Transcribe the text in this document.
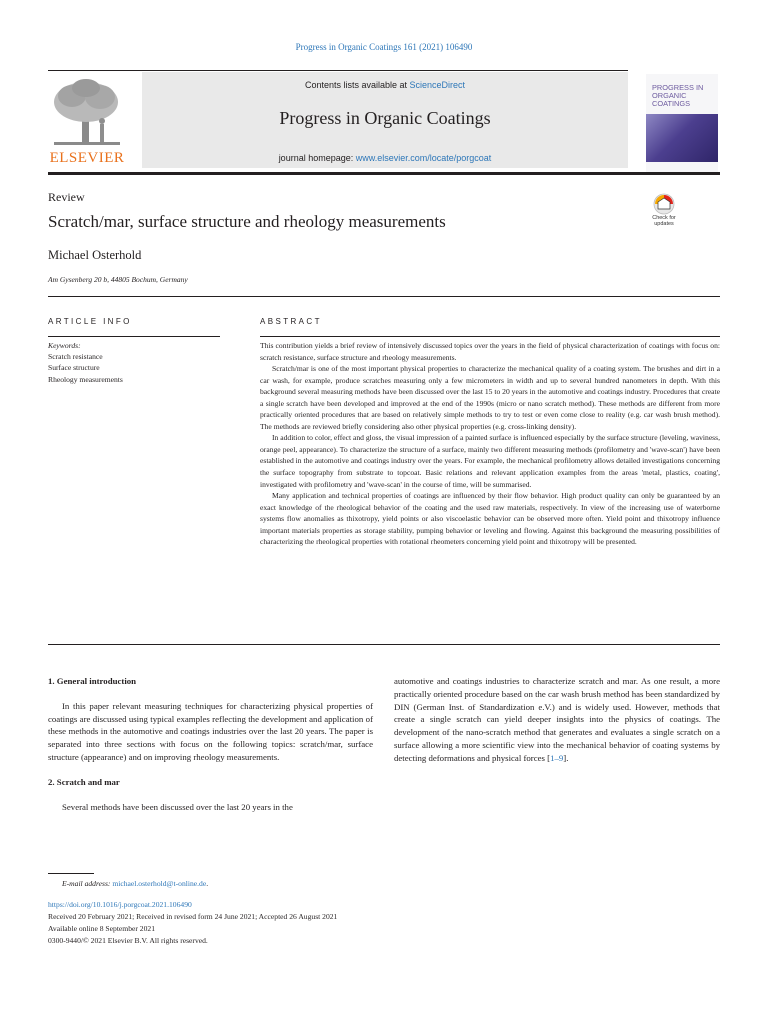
Progress in Organic Coatings 161 (2021) 106490
ELSEVIER
Contents lists available at ScienceDirect
Progress in Organic Coatings
journal homepage: www.elsevier.com/locate/porgcoat
PROGRESS IN
ORGANIC
COATINGS
Review
Scratch/mar, surface structure and rheology measurements
Michael Osterhold
Am Gysenberg 20 b, 44805 Bochum, Germany
Check for updates
ARTICLE INFO	ABSTRACT
Keywords:
Scratch resistance
Surface structure
Rheology measurements

This contribution yields a brief review of intensively discussed topics over the years in the field of physical characterization of coatings with focus on: scratch resistance, surface structure and rheology measurements.

Scratch/mar is one of the most important physical properties to characterize the mechanical quality of a coating system. The brushes and dirt in a car wash, for example, produce scratches measuring only a few micrometers in width and up to several hundred nanometers in depth. With this background several measuring methods have been discussed over the last 15 to 20 years in the automotive and coatings industry. Procedures that create a single scratch have been developed and improved at the end of the 1990s (micro or nano scratch method). These methods are different from more practically oriented procedures that are based on relatively simple methods to try to test or even come close to reality (e.g. car wash brush method). The methods are reviewed briefly considering also other physical properties (e.g. cross-linking density).

In addition to color, effect and gloss, the visual impression of a painted surface is influenced especially by the surface structure (leveling, waviness, orange peel, appearance). To characterize the structure of a surface, mainly two different measuring methods (profilometry and 'wave-scan') have been established in the automotive and coatings industry over the years. For example, the mechanical profilometry allows detailed investigations concerning the surface topography from substrate to topcoat. Basic relations and relevant application examples from the areas 'metal, plastics, coating', investigated with profilometry and 'wave-scan' in the course of time, will be summarised.

Many application and technical properties of coatings are influenced by their flow behavior. High product quality can only be guaranteed by an exact knowledge of the rheological behavior of the coating and the used raw materials, respectively. In view of the increasing use of waterborne systems flow anomalies as thixotropy, yield points or also viscoelastic behavior can be observed more often. Yield point and thixotropy influence important materials properties as storage stability, pumping behavior or leveling and flowing. Against this background the measuring possibilities of characterizing the rheological properties with rotational rheometers concerning yield point and thixotropy will be presented.

1. General introduction

In this paper relevant measuring techniques for characterizing physical properties of coatings are discussed using typical examples reflecting the development and application of these methods in the automotive and coatings industries over the last 20 years. The paper is separated into three sections with focus on the following topics: scratch/mar, surface structure (appearance) and on improving rheology measurements.

2. Scratch and mar

Several methods have been discussed over the last 20 years in the

automotive and coatings industries to characterize scratch and mar. As one result, a more practically oriented procedure based on the car wash brush method has been standardized by DIN (German Inst. of Standardization e.V.) and is widely used. However, methods that create a single scratch can yield deeper insights into the physics of coatings. The development of the nano-scratch method that generates and evaluates a single scratch on a surface allowing a more scientific view into the mechanical behavior of coating systems by detecting deformations and physical forces [1–9].

E-mail address: michael.osterhold@t-online.de.
https://doi.org/10.1016/j.porgcoat.2021.106490
Received 20 February 2021; Received in revised form 24 June 2021; Accepted 26 August 2021
Available online 8 September 2021
0300-9440/© 2021 Elsevier B.V. All rights reserved.
